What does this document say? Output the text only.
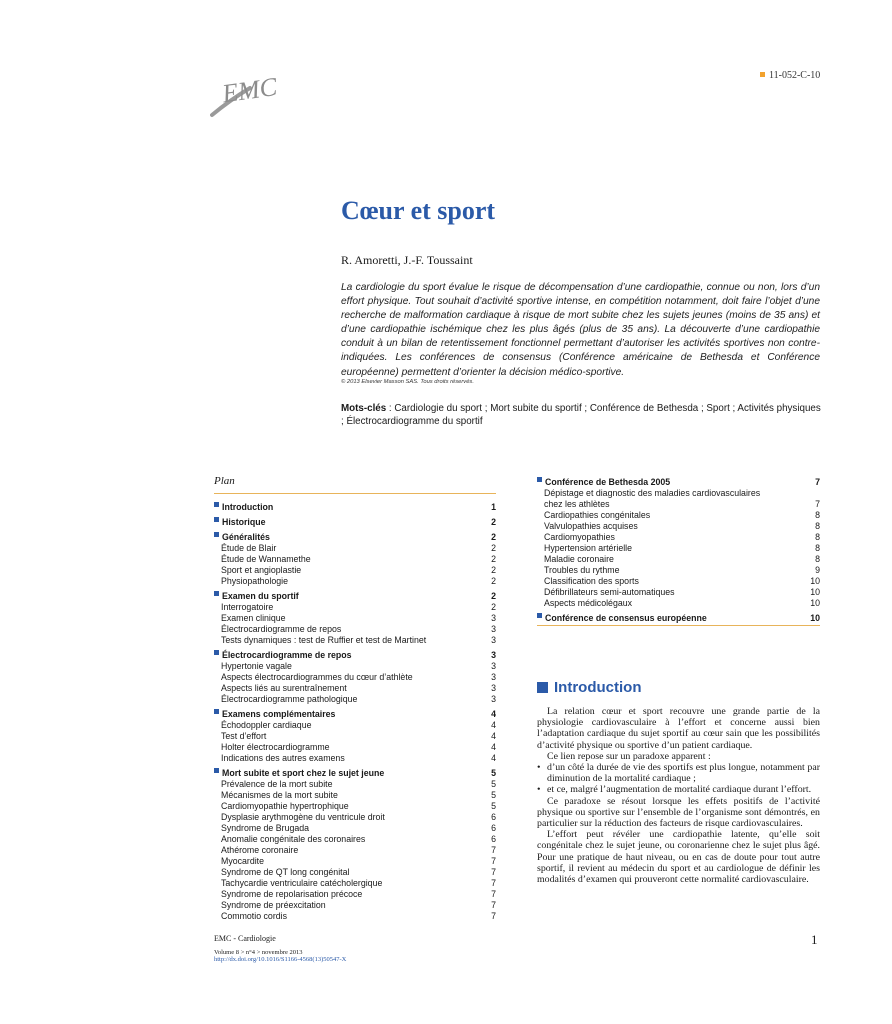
EMC	11-052-C-10
Cœur et sport
R. Amoretti, J.-F. Toussaint
La cardiologie du sport évalue le risque de décompensation d’une cardiopathie, connue ou non, lors d’un effort physique. Tout souhait d’activité sportive intense, en compétition notamment, doit faire l’objet d’une recherche de malformation cardiaque à risque de mort subite chez les sujets jeunes (moins de 35 ans) et d’une cardiopathie ischémique chez les plus âgés (plus de 35 ans). La découverte d’une cardiopathie conduit à un bilan de retentissement fonctionnel permettant d’autoriser les activités sportives non contre-indiquées. Les conférences de consensus (Conférence américaine de Bethesda et Conférence européenne) permettent d’orienter la décision médico-sportive.
© 2013 Elsevier Masson SAS. Tous droits réservés.
Mots-clés : Cardiologie du sport ; Mort subite du sportif ; Conférence de Bethesda ; Sport ; Activités physiques ; Électrocardiogramme du sportif
Plan
Introduction	1
Historique	2
Généralités	2
Étude de Blair	2
Étude de Wannamethe	2
Sport et angioplastie	2
Physiopathologie	2
Examen du sportif	2
Interrogatoire	2
Examen clinique	3
Électrocardiogramme de repos	3
Tests dynamiques : test de Ruffier et test de Martinet	3
Électrocardiogramme de repos	3
Hypertonie vagale	3
Aspects électrocardiogrammes du cœur d’athlète	3
Aspects liés au surentraînement	3
Électrocardiogramme pathologique	3
Examens complémentaires	4
Échodoppler cardiaque	4
Test d’effort	4
Holter électrocardiogramme	4
Indications des autres examens	4
Mort subite et sport chez le sujet jeune	5
Prévalence de la mort subite	5
Mécanismes de la mort subite	5
Cardiomyopathie hypertrophique	5
Dysplasie arythmogène du ventricule droit	6
Syndrome de Brugada	6
Anomalie congénitale des coronaires	6
Athérome coronaire	7
Myocardite	7
Syndrome de QT long congénital	7
Tachycardie ventriculaire catécholergique	7
Syndrome de repolarisation précoce	7
Syndrome de préexcitation	7
Commotio cordis	7
Conférence de Bethesda 2005	7
Dépistage et diagnostic des maladies cardiovasculaires
chez les athlètes	7
Cardiopathies congénitales	8
Valvulopathies acquises	8
Cardiomyopathies	8
Hypertension artérielle	8
Maladie coronaire	8
Troubles du rythme	9
Classification des sports	10
Défibrillateurs semi-automatiques	10
Aspects médicolégaux	10
Conférence de consensus européenne	10
Introduction

La relation cœur et sport recouvre une grande partie de la physiologie cardiovasculaire à l’effort et concerne aussi bien l’adaptation cardiaque du sujet sportif au cœur sain que les possibilités d’activité physique ou sportive d’un patient cardiaque.

Ce lien repose sur un paradoxe apparent :

• d’un côté la durée de vie des sportifs est plus longue, notamment par diminution de la mortalité cardiaque ;
• et ce, malgré l’augmentation de mortalité cardiaque durant l’effort.

Ce paradoxe se résout lorsque les effets positifs de l’activité physique ou sportive sur l’ensemble de l’organisme sont démontrés, en particulier sur la réduction des facteurs de risque cardiovasculaires.

L’effort peut révéler une cardiopathie latente, qu’elle soit congénitale chez le sujet jeune, ou coronarienne chez le sujet plus âgé. Pour une pratique de haut niveau, ou en cas de doute pour tout autre sportif, il revient au médecin du sport et au cardiologue de définir les modalités d’examen qui prouveront cette normalité cardiovasculaire.

EMC - Cardiologie
Volume 8 > n°4 > novembre 2013
http://dx.doi.org/10.1016/S1166-4568(13)50547-X
1
